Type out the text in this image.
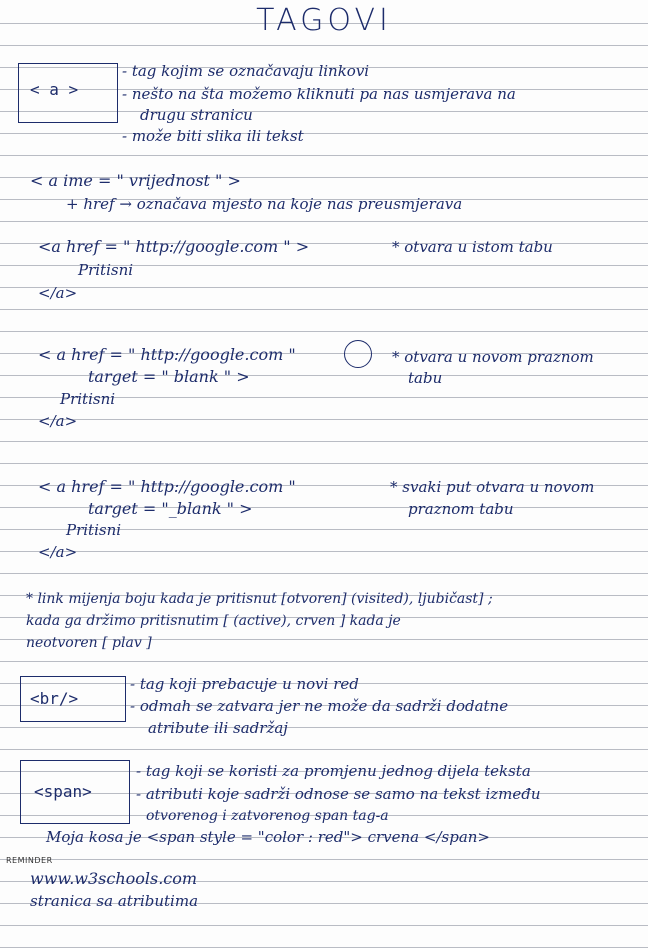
TAGOVI
< a >
- tag kojim se označavaju linkovi
- nešto na šta možemo kliknuti pa nas usmjerava na
drugu stranicu
- može biti slika ili tekst
< a ime = " vrijednost " >
+ href → označava mjesto na koje nas preusmjerava
<a href = " http://google.com " >	* otvara u istom tabu
Pritisni
</a>
< a href = " http://google.com "	* otvara u novom praznom
tabu
target = " blank " >
Pritisni
</a>
< a href = " http://google.com "	* svaki put otvara u novom
praznom tabu
target = "_blank " >
Pritisni
</a>
* link mijenja boju kada je pritisnut [otvoren] (visited), ljubičast] ;
kada ga držimo pritisnutim [ (active), crven ] kada je
neotvoren [ plav ]
<br/>
- tag koji prebacuje u novi red
- odmah se zatvara jer ne može da sadrži dodatne
atribute ili sadržaj
<span>
- tag koji se koristi za promjenu jednog dijela teksta
- atributi koje sadrži odnose se samo na tekst između
otvorenog i zatvorenog span tag-a
Moja kosa je <span style = "color : red"> crvena </span>
REMINDER
www.w3schools.com
stranica sa atributima
